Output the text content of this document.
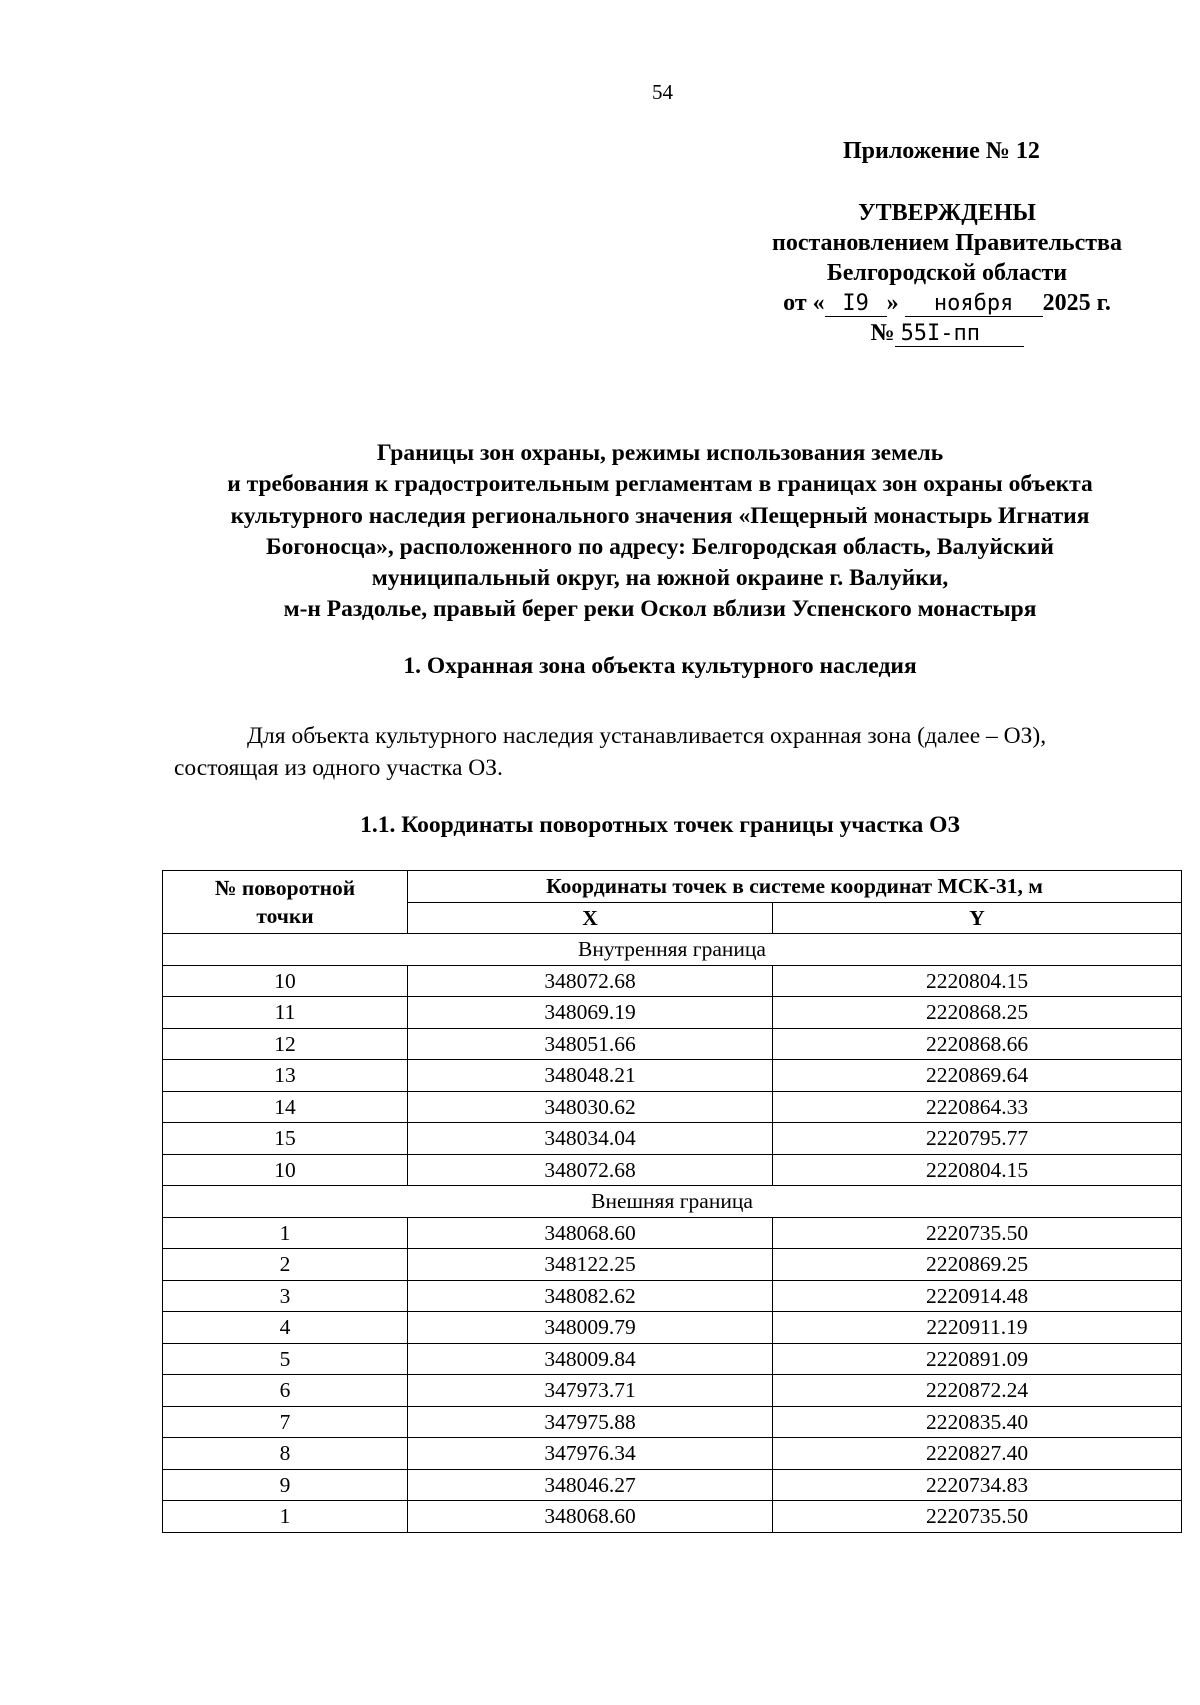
54
Приложение № 12
УТВЕРЖДЕНЫ
постановлением Правительства
Белгородской области
от « I9 » ноября 2025 г.
№ 55I-пп
Границы зон охраны, режимы использования земель
и требования к градостроительным регламентам в границах зон охраны объекта
культурного наследия регионального значения «Пещерный монастырь Игнатия
Богоносца», расположенного по адресу: Белгородская область, Валуйский
муниципальный округ, на южной окраине г. Валуйки,
м-н Раздолье, правый берег реки Оскол вблизи Успенского монастыря
1. Охранная зона объекта культурного наследия
Для объекта культурного наследия устанавливается охранная зона (далее – ОЗ),
состоящая из одного участка ОЗ.
1.1. Координаты поворотных точек границы участка ОЗ
№ поворотной
точки	Координаты точек в системе координат МСК-31, м	
	X	Y
Внутренняя граница		
10	348072.68	2220804.15
11	348069.19	2220868.25
12	348051.66	2220868.66
13	348048.21	2220869.64
14	348030.62	2220864.33
15	348034.04	2220795.77
10	348072.68	2220804.15
Внешняя граница		
1	348068.60	2220735.50
2	348122.25	2220869.25
3	348082.62	2220914.48
4	348009.79	2220911.19
5	348009.84	2220891.09
6	347973.71	2220872.24
7	347975.88	2220835.40
8	347976.34	2220827.40
9	348046.27	2220734.83
1	348068.60	2220735.50
